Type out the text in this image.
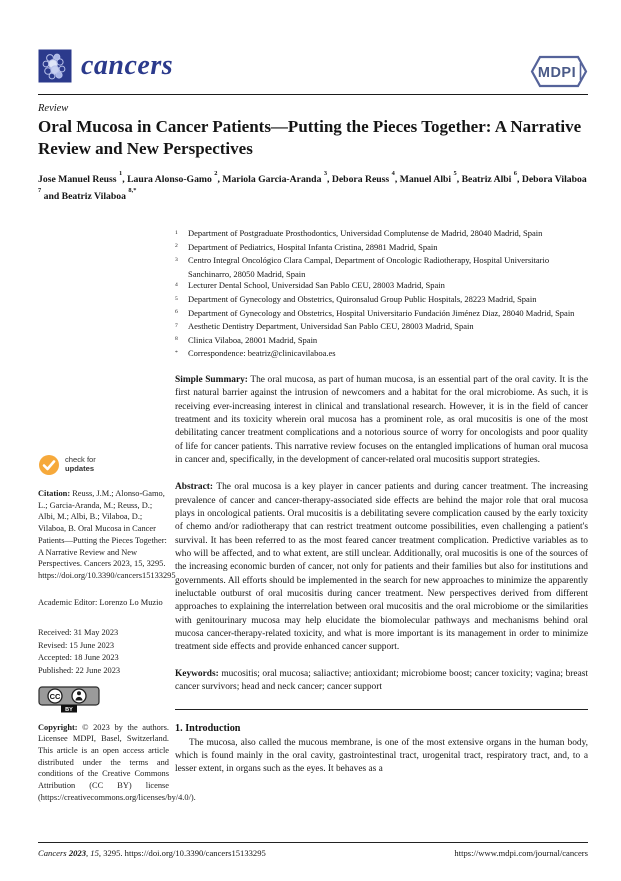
cancers	MDPI
Review
Oral Mucosa in Cancer Patients—Putting the Pieces Together: A Narrative Review and New Perspectives
Jose Manuel Reuss $^1$, Laura Alonso-Gamo $^2$, Mariola Garcia-Aranda $^3$, Debora Reuss $^4$, Manuel Albi $^5$, Beatriz Albi $^6$, Debora Vilaboa $^7$ and Beatriz Vilaboa $^{8,*}$
1 Department of Postgraduate Prosthodontics, Universidad Complutense de Madrid, 28040 Madrid, Spain
2 Department of Pediatrics, Hospital Infanta Cristina, 28981 Madrid, Spain
3 Centro Integral Oncológico Clara Campal, Department of Oncologic Radiotherapy, Hospital Universitario Sanchinarro, 28050 Madrid, Spain
4 Lecturer Dental School, Universidad San Pablo CEU, 28003 Madrid, Spain
5 Department of Gynecology and Obstetrics, Quironsalud Group Public Hospitals, 28223 Madrid, Spain
6 Department of Gynecology and Obstetrics, Hospital Universitario Fundación Jiménez Diaz, 28040 Madrid, Spain
7 Aesthetic Dentistry Department, Universidad San Pablo CEU, 28003 Madrid, Spain
8 Clinica Vilaboa, 28001 Madrid, Spain
* Correspondence: beatriz@clinicavilaboa.es

Simple Summary: The oral mucosa, as part of human mucosa, is an essential part of the oral cavity. It is the first natural barrier against the intrusion of newcomers and a habitat for the oral microbiome. As such, it is receiving ever-increasing interest in clinical and translational research. However, it is in the field of cancer treatment and its toxicity wherein oral mucosa has a prominent role, as oral mucositis is one of the most debilitating cancer treatment complications and a notorious source of worry for oncologists and poor quality of life for cancer patients. This narrative review focuses on the entangled implications of human oral mucosa in cancer and, specifically, in the development of cancer-related oral mucositis support strategies.

Abstract: The oral mucosa is a key player in cancer patients and during cancer treatment. The increasing prevalence of cancer and cancer-therapy-associated side effects are behind the major role that oral mucosa plays in oncological patients. Oral mucositis is a debilitating severe complication caused by the early toxicity of chemo and/or radiotherapy that can restrict treatment outcome possibilities, even challenging a patient's survival. It has been referred to as the most feared cancer treatment complication. Predictive variables as to who will be affected, and to what extent, are still unclear. Additionally, oral mucositis is one of the sources of the increasing economic burden of cancer, not only for patients and their families but also for institutions and governments. All efforts should be implemented in the search for new approaches to minimize the apparently ineluctable outburst of oral mucositis during cancer treatment. New perspectives derived from different approaches to explaining the interrelation between oral mucositis and the oral microbiome or the similarities with genitourinary mucosa may help elucidate the biomolecular pathways and mechanisms behind oral mucosa cancer-therapy-related toxicity, and what is more important is its management in order to minimize treatment side effects and provide enhanced cancer support.

Keywords: mucositis; oral mucosa; saliactive; antioxidant; microbiome boost; cancer toxicity; vagina; breast cancer survivors; head and neck cancer; cancer support

1. Introduction

The mucosa, also called the mucous membrane, is one of the most extensive organs in the human body, which is found mainly in the oral cavity, gastrointestinal tract, urogenital tract, respiratory tract, and, to a lesser extent, in organs such as the eyes. It behaves as a

check for
updates
Citation: Reuss, J.M.; Alonso-Gamo, L.; Garcia-Aranda, M.; Reuss, D.; Albi, M.; Albi, B.; Vilaboa, D.; Vilaboa, B. Oral Mucosa in Cancer Patients—Putting the Pieces Together: A Narrative Review and New Perspectives. Cancers 2023, 15, 3295. https://doi.org/10.3390/cancers15133295
Academic Editor: Lorenzo Lo Muzio
Received: 31 May 2023
Revised: 15 June 2023
Accepted: 18 June 2023
Published: 22 June 2023
CC
BY
Copyright: © 2023 by the authors. Licensee MDPI, Basel, Switzerland. This article is an open access article distributed under the terms and conditions of the Creative Commons Attribution (CC BY) license (https://creativecommons.org/licenses/by/4.0/).
Cancers 2023, 15, 3295. https://doi.org/10.3390/cancers15133295	https://www.mdpi.com/journal/cancers
